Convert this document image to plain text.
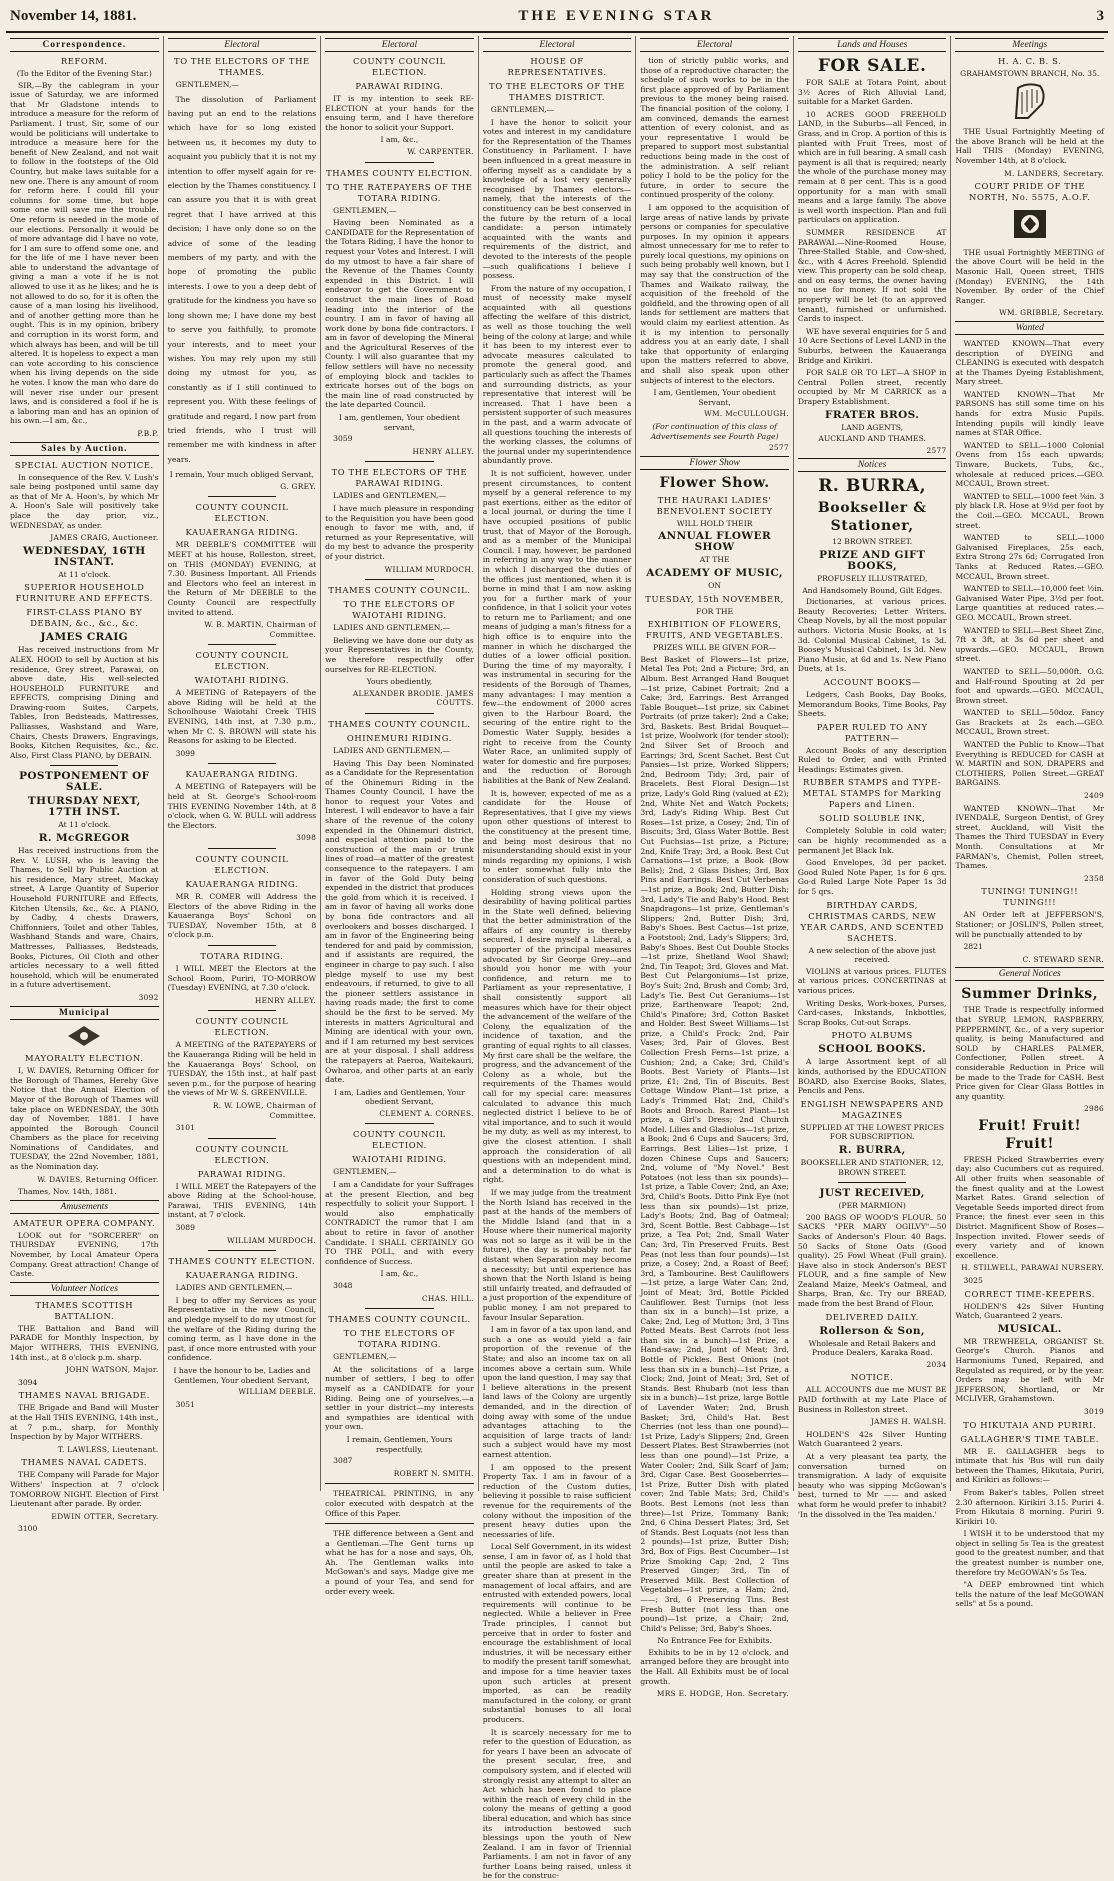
November 14, 1881.	THE EVENING STAR	3
Correspondence.
REFORM.
(To the Editor of the Evening Star.)
SIR,—By the cablegram in your issue of Saturday, we are informed that Mr Gladstone intends to introduce a measure for the reform of Parliament. I trust, Sir, some of our would be politicians will undertake to introduce a measure here for the benefit of New Zealand, and not wait to follow in the footsteps of the Old Country, but make laws suitable for a new one. There is any amount of room for reform here. I could fill your columns for some time, but hope some one will save me the trouble. One reform is needed in the mode of our elections. Personally it would be of more advantage did I have no vote, for I am sure to offend some one, and for the life of me I have never been able to understand the advantage of giving a man a vote if he is not allowed to use it as he likes; and he is not allowed to do so, for it is often the cause of a man losing his livelihood, and of another getting more than he ought. This is in my opinion, bribery and corruption in its worst form, and which always has been, and will be till altered. It is hopeless to expect a man can vote according to his conscience when his living depends on the side he votes. I know the man who dare do will never rise under our present laws, and is considered a fool if he is a laboring man and has an opinion of his own.—I am, &c.,
P.B.P.
Sales by Auction.
SPECIAL AUCTION NOTICE.
In consequence of the Rev. V. Lush's sale being postponed until same day as that of Mr A. Hoon's, by which Mr A. Hoon's Sale will positively take place the day prior, viz., WEDNESDAY, as under.
JAMES CRAIG, Auctioneer.
WEDNESDAY, 16TH INSTANT.
At 11 o'clock.
SUPERIOR HOUSEHOLD FURNITURE AND EFFECTS.
FIRST-CLASS PIANO BY DEBAIN, &c., &c., &c.
JAMES CRAIG
Has received instructions from Mr ALEX. HOOD to sell by Auction at his residence, Grey street, Parawai, on above date, His well-selected HOUSEHOLD FURNITURE and EFFECTS, comprising Dining and Drawing-room Suites, Carpets, Tables, Iron Bedsteads, Mattresses, Palliasses, Washstand and Ware, Chairs, Chests Drawers, Engravings, Books, Kitchen Requisites, &c., &c. Also, First Class PIANO, by DEBAIN.
POSTPONEMENT OF SALE.
THURSDAY NEXT, 17TH INST.
At 11 o'clock.
R. McGREGOR
Has received instructions from the Rev. V. LUSH, who is leaving the Thames, to Sell by Public Auction at his residence, Mary street, Mackay street, A Large Quantity of Superior Household FURNITURE and Effects, Kitchen Utensils, &c., &c. A PIANO, by Cadby, 4 chests Drawers, Chiffonniers, Toilet and other Tables, Washhand Stands and ware, Chairs, Mattresses, Palliasses, Bedsteads, Books, Pictures, Oil Cloth and other articles necessary to a well fitted household, which will be enumerated in a future advertisement.
3092
Municipal
MAYORALTY ELECTION.
I, W. DAVIES, Returning Officer for the Borough of Thames, Hereby Give Notice that the Annual Election of Mayor of the Borough of Thames will take place on WEDNESDAY, the 30th day of November, 1881. I have appointed the Borough Council Chambers as the place for receiving Nominations of Candidates, and TUESDAY, the 22nd November, 1881, as the Nomination day.
W. DAVIES, Returning Officer.
Thames, Nov. 14th, 1881.
Amusements
AMATEUR OPERA COMPANY.
LOOK out for "SORCERER" on THURSDAY EVENING, 17th November, by Local Amateur Opera Company. Great attraction! Change of Caste.
Volunteer Notices
THAMES SCOTTISH BATTALION.
THE Battalion and Band will PARADE for Monthly Inspection, by Major WITHERS, THIS EVENING, 14th inst., at 8 o'clock p.m. sharp.
JOHN WATSON, Major.
3094
THAMES NAVAL BRIGADE.
THE Brigade and Band will Muster at the Hall THIS EVENING, 14th inst., at 7 p.m., sharp, for Monthly Inspection by by Major WITHERS.
T. LAWLESS, Lieutenant.
THAMES NAVAL CADETS.
THE Company will Parade for Major Withers' Inspection at 7 o'clock TOMORROW NIGHT. Election of First Lieutenant after parade. By order.
EDWIN OTTER, Secretary.
3100
Electoral
TO THE ELECTORS OF THE THAMES.
GENTLEMEN,—
The dissolution of Parliament having put an end to the relations which have for so long existed between us, it becomes my duty to acquaint you publicly that it is not my intention to offer myself again for re-election by the Thames constituency. I can assure you that it is with great regret that I have arrived at this decision; I have only done so on the advice of some of the leading members of my party, and with the hope of promoting the public interests. I owe to you a deep debt of gratitude for the kindness you have so long shown me; I have done my best to serve you faithfully, to promote your interests, and to meet your wishes. You may rely upon my still doing my utmost for you, as constantly as if I still continued to represent you. With these feelings of gratitude and regard, I now part from tried friends, who I trust will remember me with kindness in after years.
I remain, Your much obliged Servant,
G. GREY.
COUNTY COUNCIL ELECTION.
KAUAERANGA RIDING.
MR DEEBLE'S COMMITTEE will MEET at his house, Rolleston, street, on THIS (MONDAY) EVENING, at 7.30. Business Important. All Friends and Electors who feel an interest in the Return of Mr DEEBLE to the County Council are respectfully invited to attend.
W. B. MARTIN, Chairman of Committee.
COUNTY COUNCIL ELECTION.
WAIOTAHI RIDING.
A MEETING of Ratepayers of the above Riding will be held at the Schoolhouse Waiotahi Creek THIS EVENING, 14th inst, at 7.30 p.m., when Mr C. S. BROWN will state his Reasons for asking to be Elected.
3099
KAUAERANGA RIDING.
A MEETING of Ratepayers will be held at St. George's School-room THIS EVENING November 14th, at 8 o'clock, when G. W. BULL will address the Electors.
3098
COUNTY COUNCIL ELECTION.
KAUAERANGA RIDING.
MR R. COMER will Address the Electors of the above Riding in the Kauaeranga Boys' School on TUESDAY, November 15th, at 8 o'clock p.m.
TOTARA RIDING.
I WILL MEET the Electors at the School Room, Puriri, TO-MORROW (Tuesday) EVENING, at 7.30 o'clock.
HENRY ALLEY.
COUNTY COUNCIL ELECTION.
A MEETING of the RATEPAYERS of the Kauaeranga Riding will be held in the Kauaeranga Boys' School, on TUESDAY, the 15th inst., at half past seven p.m., for the purpose of hearing the views of Mr W. S. GREENVILLE.
R. W. LOWE, Chairman of Committee.
3101
COUNTY COUNCIL ELECTION.
PARAWAI RIDING.
I WILL MEET the Ratepayers of the above Riding at the School-house, Parawai, THIS EVENING, 14th instant, at 7 o'clock.
3089
WILLIAM MURDOCH.
THAMES COUNTY ELECTION.
KAUAERANGA RIDING.
LADIES AND GENTLEMEN,—
I beg to offer my Services as your Representative in the new Council, and pledge myself to do my utmost for the welfare of the Riding during the coming term, as I have done in the past, if once more entrusted with your confidence.
I have the honour to be, Ladies and Gentlemen, Your obedient Servant,
WILLIAM DEEBLE.
3051
Electoral
COUNTY COUNCIL ELECTION.
PARAWAI RIDING.
IT is my intention to seek RE-ELECTION at your hands for the ensuing term, and I have therefore the honor to solicit your Support.
I am, &c.,
W. CARPENTER.
THAMES COUNTY ELECTION.
TO THE RATEPAYERS OF THE TOTARA RIDING.
GENTLEMEN,—
Having been Nominated as a CANDIDATE for the Representation of the Totara Riding, I have the honor to request your Votes and Interest. I will do my utmost to have a fair share of the Revenue of the Thames County expended in this District. I will endeavor to get the Government to construct the main lines of Road leading into the interior of the country. I am in favor of having all work done by bona fide contractors. I am in favor of developing the Mineral and the Agricultural Reserves of the County. I will also guarantee that my fellow settlers will have no necessity of employing block and tackles to extricate horses out of the bogs on the main line of road constructed by the late departed Council.
I am, gentlemen, Your obedient servant,
3059
HENRY ALLEY.
TO THE ELECTORS OF THE PARAWAI RIDING.
LADIES and GENTLEMEN,—
I have much pleasure in responding to the Requisition you have been good enough to favor me with, and, if returned as your Representative, will do my best to advance the prosperity of your district.
WILLIAM MURDOCH.
THAMES COUNTY COUNCIL.
TO THE ELECTORS OF WAIOTAHI RIDING.
LADIES AND GENTLEMEN,—
Believing we have done our duty as your Representatives in the County, we therefore respectfully offer ourselves for RE-ELECTION.
Yours obediently,
ALEXANDER BRODIE. JAMES COUTTS.
THAMES COUNTY COUNCIL.
OHINEMURI RIDING.
LADIES AND GENTLEMEN,—
Having This Day been Nominated as a Candidate for the Representation of the Ohinemuri Riding in the Thames County Council, I have the honor to request your Votes and Interest. I will endeavor to have a fair share of the revenue of the colony expended in the Ohinemuri district, and especial attention paid to the construction of the main or trunk lines of road—a matter of the greatest consequence to the ratepayers. I am in favor of the Gold Duty being expended in the district that produces the gold from which it is received. I am in favor of having all works done by bona fide contractors and all overlookers and bosses discharged. I am in favor of the Engineering being tendered for and paid by commission, and if assistants are required, the engineer in charge to pay such. I also pledge myself to use my best endeavours, if returned, to give to all the pioneer settlers assistance in having roads made; the first to come should be the first to be served. My interests in matters Agricultural and Mining are identical with your own, and if I am returned my best services are at your disposal. I shall address the ratepayers at Paeroa, Waitekauri, Owharoa, and other parts at an early date.
I am, Ladies and Gentlemen, Your obedient Servant,
CLEMENT A. CORNES.
COUNTY COUNCIL ELECTION.
WAIOTAHI RIDING.
GENTLEMEN,—
I am a Candidate for your Suffrages at the present Election, and beg respectfully to solicit your Support. I would also emphatically CONTRADICT the rumor that I am about to retire in favor of another Candidate. I SHALL CERTAINLY GO TO THE POLL, and with every confidence of Success.
I am, &c.,
3048
CHAS. HILL.
THAMES COUNTY COUNCIL.
TO THE ELECTORS OF TOTARA RIDING.
GENTLEMEN,—
At the solicitations of a large number of settlers, I beg to offer myself as a CANDIDATE for your Riding. Being one of yourselves,—a settler in your district—my interests and sympathies are identical with your own.
I remain, Gentlemen, Yours respectfully,
3087
ROBERT N. SMITH.
THEATRICAL PRINTING, in any color executed with despatch at the Office of this Paper.
THE difference between a Gent and a Gentleman.—The Gent turns up what he has for a nose and says, Oh, Ah. The Gentleman walks into McGowan's and says, Madge give me a pound of your Tea, and send for order every week.
Electoral
HOUSE OF REPRESENTATIVES.
TO THE ELECTORS OF THE THAMES DISTRICT.
GENTLEMEN,—
I have the honor to solicit your votes and interest in my candidature for the Representation of the Thames Constituency in Parliament. I have been influenced in a great measure in offering myself as a candidate by a knowledge of a lost very generally recognised by Thames electors—namely, that the interests of the constituency can be best conserved in the future by the return of a local candidate: a person intimately acquainted with the wants and requirements of the district, and devoted to the interests of the people—such qualifications I believe I possess.
From the nature of my occupation, I must of necessity make myself acquainted with all questions affecting the welfare of this district, as well as those touching the well being of the colony at large; and while it has been to my interest ever to advocate measures calculated to promote the general good, and particularly such as affect the Thames and surrounding districts, as your representative that interest will be increased. That I have been a persistent supporter of such measures in the past, and a warm advocate of all questions touching the interests of the working classes, the columns of the journal under my superintendence abundantly prove.
It is not sufficient, however, under present circumstances, to content myself by a general reference to my past exertions, either as the editor of a local journal, or during the time I have occupied positions of public trust, that of Mayor of the Borough, and as a member of the Municipal Council. I may, however, be pardoned in referring in any way to the manner in which I discharged the duties of the offices just mentioned, when it is borne in mind that I am now asking you for a further mark of your confidence, in that I solicit your votes to return me to Parliament; and one means of judging a man's fitness for a high office is to enquire into the manner in which he discharged the duties of a lower official position. During the time of my mayoralty, I was instrumental in securing for the residents of the Borough of Thames, many advantages: I may mention a few—the endowment of 2000 acres given to the Harbour Board, the securing of the entire right to the Domestic Water Supply, besides a right to receive from the County Water Race, an unlimited supply of water for domestic and fire purposes; and the reduction of Borough liabilities at the Bank of New Zealand.
It is, however, expected of me as a candidate for the House of Representatives, that I give my views upon other questions of interest to the constituency at the present time, and being most desirous that no misunderstanding should exist in your minds regarding my opinions, I wish to enter somewhat fully into the consideration of such questions.
Holding strong views upon the desirability of having political parties in the State well defined, believing that the better administration of the affairs of any country is thereby secured, I desire myself a Liberal, a supporter of the principal measures advocated by Sir George Grey—and should you honor me with your confidence, and return me to Parliament as your representative, I shall consistently support all measures which have for their object the advancement of the welfare of the Colony, the equalization of the incidence of taxation, and the granting of equal rights to all classes. My first care shall be the welfare, the progress, and the advancement of the Colony as a whole, but the requirements of the Thames would call for my special care: measures calculated to advance this much neglected district I believe to be of vital importance, and to such it would be my duty, as well as my interest, to give the closest attention. I shall approach the consideration of all questions with an independent mind, and a determination to do what is right.
If we may judge from the treatment the North Island has received in the past at the hands of the members of the Middle Island (and that in a House where their numerical majority was not so large as it will be in the future), the day is probably not far distant when Separation may become a necessity; but until experience has shown that the North Island is being still unfairly treated, and defrauded of a just proportion of the expenditure of public money, I am not prepared to favour Insular Separation.
I am in favor of a tax upon land, and such a one as would yield a fair proportion of the revenue of the State; and also an income tax on all incomes above a certain sum. While upon the land question, I may say that I believe alterations in the present land laws of the Colony are urgently demanded, and in the direction of doing away with some of the undue advantages attaching to the acquisition of large tracts of land: such a subject would have my most earnest attention.
I am opposed to the present Property Tax. I am in favour of a reduction of the Custom duties, believing it possible to raise sufficient revenue for the requirements of the colony without the imposition of the present heavy duties upon the necessaries of life.
Local Self Government, in its widest sense, I am in favor of, as I hold that until the people are asked to take a greater share than at present in the management of local affairs, and are entrusted with extended powers, local requirements will continue to be neglected. While a believer in Free Trade principles, I cannot but perceive that in order to foster and encourage the establishment of local industries, it will be necessary either to modify the present tariff somewhat, and impose for a time heavier taxes upon such articles at present imported, as can be readily manufactured in the colony, or grant substantial bonuses to all local producers.
It is scarcely necessary for me to refer to the question of Education, as for years I have been an advocate of the present secular, free, and compulsory system, and if elected will strongly resist any attempt to alter an Act which has been found to place within the reach of every child in the colony the means of getting a good liberal education, and which has since its introduction bestowed such blessings upon the youth of New Zealand. I am in favor of Triennial Parliaments. I am not in favor of any further Loans being raised, unless it be for the construc-
Electoral
tion of strictly public works, and those of a reproductive character; the schedule of such works to be in the first place approved of by Parliament previous to the money being raised. The financial position of the colony, I am convinced, demands the earnest attention of every colonist, and as your representative I would be prepared to support most substantial reductions being made in the cost of the administration. A self reliant policy I hold to be the policy for the future, in order to secure the continued prosperity of the colony.
I am opposed to the acquisition of large areas of native lands by private persons or companies for speculative purposes. In my opinion it appears almost unnecessary for me to refer to purely local questions, my opinions on such being probably well known, but I may say that the construction of the Thames and Waikato railway, the acquisition of the freehold of the goldfield, and the throwing open of all lands for settlement are matters that would claim my earliest attention. As it is my intention to personally address you at an early date, I shall take that opportunity of enlarging upon the matters referred to above, and shall also speak upon other subjects of interest to the electors.
I am, Gentlemen, Your obedient Servant,
WM. McCULLOUGH.
(For continuation of this class of Advertisements see Fourth Page)
2577
Flower Show
Flower Show.
THE HAURAKI LADIES' BENEVOLENT SOCIETY
WILL HOLD THEIR
ANNUAL FLOWER SHOW
AT THE
ACADEMY OF MUSIC,
ON
TUESDAY, 15th NOVEMBER,
FOR THE
EXHIBITION OF FLOWERS, FRUITS, AND VEGETABLES.
PRIZES WILL BE GIVEN FOR—
Best Basket of Flowers—1st prize, Metal Tea Pot; 2nd a Picture; 3rd, an Album. Best Arranged Hand Bouquet—1st prize, Cabinet Portrait; 2nd a Cake; 3rd, Earrings. Best Arranged Table Bouquet—1st prize, six Cabinet Portraits (of prize taker); 2nd a Cake; 3rd, Baskets. Best Bridal Bouquet—1st prize, Woolwork (for tender stool); 2nd Silver Set of Brooch and Earrings; 3rd, Scent Sachet. Best Cut Pansies—1st prize, Worked Slippers; 2nd, Bedroom Tidy; 3rd, pair of Bracelets. Best Floral Design—1st prize, Lady's Gold Ring (valued at £2); 2nd, White Net and Watch Pockets; 3rd, Lady's Riding Whip. Best Cut Roses—1st prize, a Cosey; 2nd, Tin of Biscuits; 3rd, Glass Water Bottle. Best Cut Fuchsias—1st prize, a Picture; 2nd, Knife Tray; 3rd, a Book. Best Cut Carnations—1st prize, a Book (Bow Bells); 2nd, 2 Glass Dishes; 3rd, Box Pins and Earrings. Best Cut Verbenas—1st prize, a Book; 2nd, Butter Dish; 3rd, Lady's Tie and Baby's Hood. Best Snapdragons—1st prize, Gentleman's Slippers; 2nd, Butter Dish; 3rd, Baby's Shoes. Best Cactus—1st prize, a Footstool; 2nd, Lady's Slippers; 3rd, Baby's Shoes. Best Cut Double Stocks—1st prize, Shetland Wool Shawl; 2nd, Tin Teapot; 3rd, Gloves and Mat. Best Cut Pelargoniums—1st prize, Boy's Suit; 2nd, Brush and Comb; 3rd, Lady's Tie. Best Cut Geraniums—1st prize, Earthenware Teapot; 2nd, Child's Pinafore; 3rd, Cotton Basket and Holder. Best Sweet Williams—1st prize, a Child's Frock; 2nd, Pair Vases; 3rd, Pair of Gloves. Best Collection Fresh Ferns—1st prize, a Cushion; 2nd, a Cake; 3rd, Child's Boots. Best Variety of Plants—1st prize, £1; 2nd, Tin of Biscuits. Best Cottage Window Plant—1st prize, a Lady's Trimmed Hat; 2nd, Child's Boots and Brooch. Rarest Plant—1st prize, a Girl's Dress; 2nd Church Model. Lilies and Gladiolus—1st prize, a Book; 2nd 6 Cups and Saucers; 3rd, Earrings. Best Lilies—1st prize, 1 dozen Chinese Cups and Saucers; 2nd, volume of "My Novel." Best Potatoes (not less than six pounds)—1st prize, a Table Cover; 2nd, an Axe; 3rd, Child's Boots. Ditto Pink Eye (not less than six pounds)—1st prize, Lady's Boots; 2nd, Bag of Oatmeal; 3rd, Scent Bottle. Best Cabbage—1st prize, a Tea Pot; 2nd, Small Water Can; 3rd, Tin Preserved Fruits. Best Peas (not less than four pounds)—1st prize, a Cosey; 2nd, a Roast of Beef; 3rd, a Tambourine. Best Cauliflowers—1st prize, a large Water Can; 2nd, Joint of Meat; 3rd, Bottle Pickled Cauliflower. Best Turnips (not less than six in a bunch)—1st prize, a Cake; 2nd, Leg of Mutton; 3rd, 3 Tins Potted Meats. Best Carrots (not less than six in a bunch)—1st Prize, a Hand-saw; 2nd, Joint of Meat; 3rd, Bottle of Pickles. Best Onions (not less than six in a bunch)—1st Prize, a Clock; 2nd, Joint of Meat; 3rd, Set of Stands. Best Rhubarb (not less than six in a bunch)—1st prize, large Bottle of Lavender Water; 2nd, Brush Basket; 3rd, Child's Hat. Best Cherries (not less than one pound)—1st Prize, Lady's Slippers; 2nd, Green Dessert Plates. Best Strawberries (not less than one pound)—1st Prize, a Water Cooler; 2nd, Silk Scarf of Jam; 3rd, Cigar Case. Best Gooseberries—1st Prize, Butter Dish with plated cover; 2nd Table Mats; 3rd, Child's Boots. Best Lemons (not less than three)—1st Prize, Tommany Bank; 2nd, 6 China Dessert Plates; 3rd, Set of Stands. Best Loquats (not less than 2 pounds)—1st prize, Butter Dish; 3rd, Box of Figs. Best Cucumber—1st Prize Smoking Cap; 2nd, 2 Tins Preserved Ginger; 3rd, Tin of Preserved Milk. Best Collection of Vegetables—1st prize, a Ham; 2nd, ——; 3rd, 6 Preserving Tins. Best Fresh Butter (not less than one pound)—1st prize, a Chair; 2nd, Child's Pelisse; 3rd, Baby's Shoes.
No Entrance Fee for Exhibits.
Exhibits to be in by 12 o'clock, and arranged before they are brought into the Hall. All Exhibits must be of local growth.
MRS E. HODGE, Hon. Secretary.
Lands and Houses
FOR SALE.
FOR SALE at Totara Point, about 3½ Acres of Rich Alluvial Land, suitable for a Market Garden.
10 ACRES GOOD FREEHOLD LAND, in the Suburbs—all Fenced, in Grass, and in Crop. A portion of this is planted with Fruit Trees, most of which are in full bearing. A small cash payment is all that is required; nearly the whole of the purchase money may remain at 8 per cent. This is a good opportunity for a man with small means and a large family. The above is well worth inspection. Plan and full particulars on application.
SUMMER RESIDENCE AT PARAWAI.—Nine-Roomed House, Three-Stalled Stable, and Cow-shed, &c., with 4 Acres Freehold. Splendid view. This property can be sold cheap, and on easy terms, the owner having no use for money. If not sold the property will be let (to an approved tenant), furnished or unfurnished. Cards to inspect.
WE have several enquiries for 5 and 10 Acre Sections of Level LAND in the Suburbs, between the Kauaeranga Bridge and Kirikiri.
FOR SALE OR TO LET—A SHOP in Central Pollen street, recently occupied by Mr M CARRICK as a Drapery Establishment.
FRATER BROS.
LAND AGENTS,
AUCKLAND AND THAMES.
2577
Notices
R. BURRA,
Bookseller & Stationer,
12 BROWN STREET.
PRIZE AND GIFT BOOKS,
PROFUSELY ILLUSTRATED,
And Handsomely Bound, Gilt Edges.
Dictionaries, at various prices. Beauty Recoveries; Letter Writers. Cheap Novels, by all the most popular authors. Victoria Music Books, at 1s 3d. Colonial Musical Cabinet, 1s 3d. Boosey's Musical Cabinet, 1s 3d. New Piano Music, at 6d and 1s. New Piano Duets, at 1s.
ACCOUNT BOOKS—
Ledgers, Cash Books, Day Books, Memorandum Books, Time Books, Pay Sheets.
PAPER RULED TO ANY PATTERN—
Account Books of any description Ruled to Order, and with Printed Headings: Estimates given.
RUBBER STAMPS and TYPE-METAL STAMPS for Marking Papers and Linen.
SOLID SOLUBLE INK,
Completely Soluble in cold water; can be highly recommended as a permanent Jet Black Ink.
Good Envelopes, 3d per packet. Good Ruled Note Paper, 1s for 6 qrs. Go-d Ruled Large Note Paper 1s 3d for 5 qrs.
BIRTHDAY CARDS, CHRISTMAS CARDS, NEW YEAR CARDS, AND SCENTED SACHETS.
A new selection of the above just received.
VIOLINS at various prices. FLUTES at various prices. CONCERTINAS at various prices.
Writing Desks, Work-boxes, Purses, Card-cases, Inkstands, Inkbottles, Scrap Books, Cut-out Scraps.
PHOTO ALBUMS
SCHOOL BOOKS.
A large Assortment kept of all kinds, authorised by the EDUCATION BOARD, also Exercise Books, Slates, Pencils and Pens.
ENGLISH NEWSPAPERS AND MAGAZINES
SUPPLIED AT THE LOWEST PRICES FOR SUBSCRIPTION.
R. BURRA,
BOOKSELLER AND STATIONER, 12, BROWN STREET.
JUST RECEIVED,
(PER MARMION)
200 BAGS OF WOOD'S FLOUR. 50 SACKS "PER MARY OGILVY"—50 Sacks of Anderson's Flour. 40 Bags. 50 Sacks of Stone Oats (Good quality). 25 Fowl Wheat (Full grain). Have also in stock Anderson's BEST FLOUR, and a fine sample of New Zealand Maize, Meek's Oatmeal, and Sharps, Bran, &c. Try our BREAD, made from the best Brand of Flour,
DELIVERED DAILY.
Rollerson & Son,
Wholesale and Retail Bakers and Produce Dealers, Karaka Road.
2034
NOTICE.
ALL ACCOUNTS due me MUST BE PAID forthwith at my Late Place of Business in Rolleston street.
JAMES H. WALSH.
HOLDEN'S 42s Silver Hunting Watch Guaranteed 2 years.
At a very pleasant tea party, the conversation turned on transmigration. A lady of exquisite beauty who was sipping McGowan's best, turned to Mr —— and asked what form he would prefer to inhabit? 'In the dissolved in the Tea maiden.'
Meetings
H. A. C. B. S.
GRAHAMSTOWN BRANCH, No. 35.
THE Usual Fortnightly Meeting of the above Branch will be held at the Hall THIS (Monday) EVENING, November 14th, at 8 o'clock.
M. LANDERS, Secretary.
COURT PRIDE OF THE NORTH, No. 5575, A.O.F.
THE usual Fortnightly MEETING of the above Court will be held in the Masonic Hall, Queen street, THIS (Monday) EVENING, the 14th November. By order of the Chief Ranger.
WM. GRIBBLE, Secretary.
Wanted
WANTED KNOWN—That every description of DYEING and CLEANING is executed with despatch at the Thames Dyeing Establishment, Mary street.
WANTED KNOWN—That Mr PARSONS has still some time on his hands for extra Music Pupils. Intending pupils will kindly leave names at STAR Office.
WANTED to SELL—1000 Colonial Ovens from 15s each upwards; Tinware, Buckets, Tubs, &c., wholesale at reduced prices.—GEO. MCCAUL, Brown street.
WANTED to SELL—1000 feet ⅜in. 3 ply black I.R. Hose at 9½d per foot by the Coil.—GEO. MCCAUL, Brown street.
WANTED to SELL—1000 Galvanised Fireplaces, 25s each, Extra Strong 27s 6d; Corrugated Iron Tanks at Reduced Rates.—GEO. MCCAUL, Brown street.
WANTED to SELL—10,000 feet ½in. Galvanised Water Pipe, 3½d per foot. Large quantities at reduced rates.—GEO. MCCAUL, Brown street.
WANTED to SELL—Best Sheet Zinc, 7ft x 3ft, at 3s 6d per sheet and upwards.—GEO. MCCAUL, Brown street.
WANTED to SELL—50,000ft. O.G. and Half-round Spouting at 2d per foot and upwards.—GEO. MCCAUL, Brown street.
WANTED to SELL—50doz. Fancy Gas Brackets at 2s each.—GEO. MCCAUL, Brown street.
WANTED the Public to Know—That Everything is REDUCED for CASH at W. MARTIN and SON, DRAPERS and CLOTHIERS, Pollen Street.—GREAT BARGAINS.
2409
WANTED KNOWN—That Mr IVENDALE, Surgeon Dentist, of Grey street, Auckland, will Visit the Thames the Third TUESDAY in Every Month. Consultations at Mr FARMAN's, Chemist, Pollen street, Thames.
2358
TUNING! TUNING!! TUNING!!!
AN Order left at JEFFERSON'S, Stationer; or JOSLIN'S, Pollen street, will be punctually attended to by
2821
C. STEWARD SENR.
General Notices
Summer Drinks,
THE Trade is respectfully informed that SYRUP, LEMON, RASPBERRY, PEPPERMINT, &c., of a very superior quality, is being Manufactured and SOLD by CHARLES PALMER, Confectioner, Pollen street. A considerable Reduction in Price will be made to the Trade for CASH. Best Price given for Clear Glass Bottles in any quantity.
2986
Fruit! Fruit! Fruit!
FRESH Picked Strawberries every day; also Cucumbers cut as required. All other fruits when seasonable of the finest quality and at the Lowest Market Rates. Grand selection of Vegetable Seeds imported direct from France; the finest ever seen in this District. Magnificent Show of Roses—Inspection invited. Flower seeds of every variety and of known excellence.
H. STILWELL, PARAWAI NURSERY.
3025
CORRECT TIME-KEEPERS.
HOLDEN'S 42s Silver Hunting Watch, Guaranteed 2 years.
MUSICAL.
MR TREWHEELA, ORGANIST St. George's Church. Pianos and Harmoniums Tuned, Repaired, and Regulated as required, or by the year. Orders may be left with Mr JEFFERSON, Shortland, or Mr MCLIVER, Grahamstown.
3019
TO HIKUTAIA AND PURIRI.
GALLAGHER'S TIME TABLE.
MR E. GALLAGHER begs to intimate that his 'Bus will run daily between the Thames, Hikutaia, Puriri, and Kirikiri as follows:—
From Baker's tables, Pollen street 2.30 afternoon. Kirikiri 3.15. Puriri 4. From Hikutaia 8 morning. Puriri 9. Kirikiri 10.
I WISH it to be understood that my object in selling 5s Tea is the greatest good to the greatest number, and that the greatest number is number one, therefore try McGOWAN's 5s Tea.
"A DEEP embrowned tint which tells the nature of the leaf McGOWAN sells" at 5s a pound.
